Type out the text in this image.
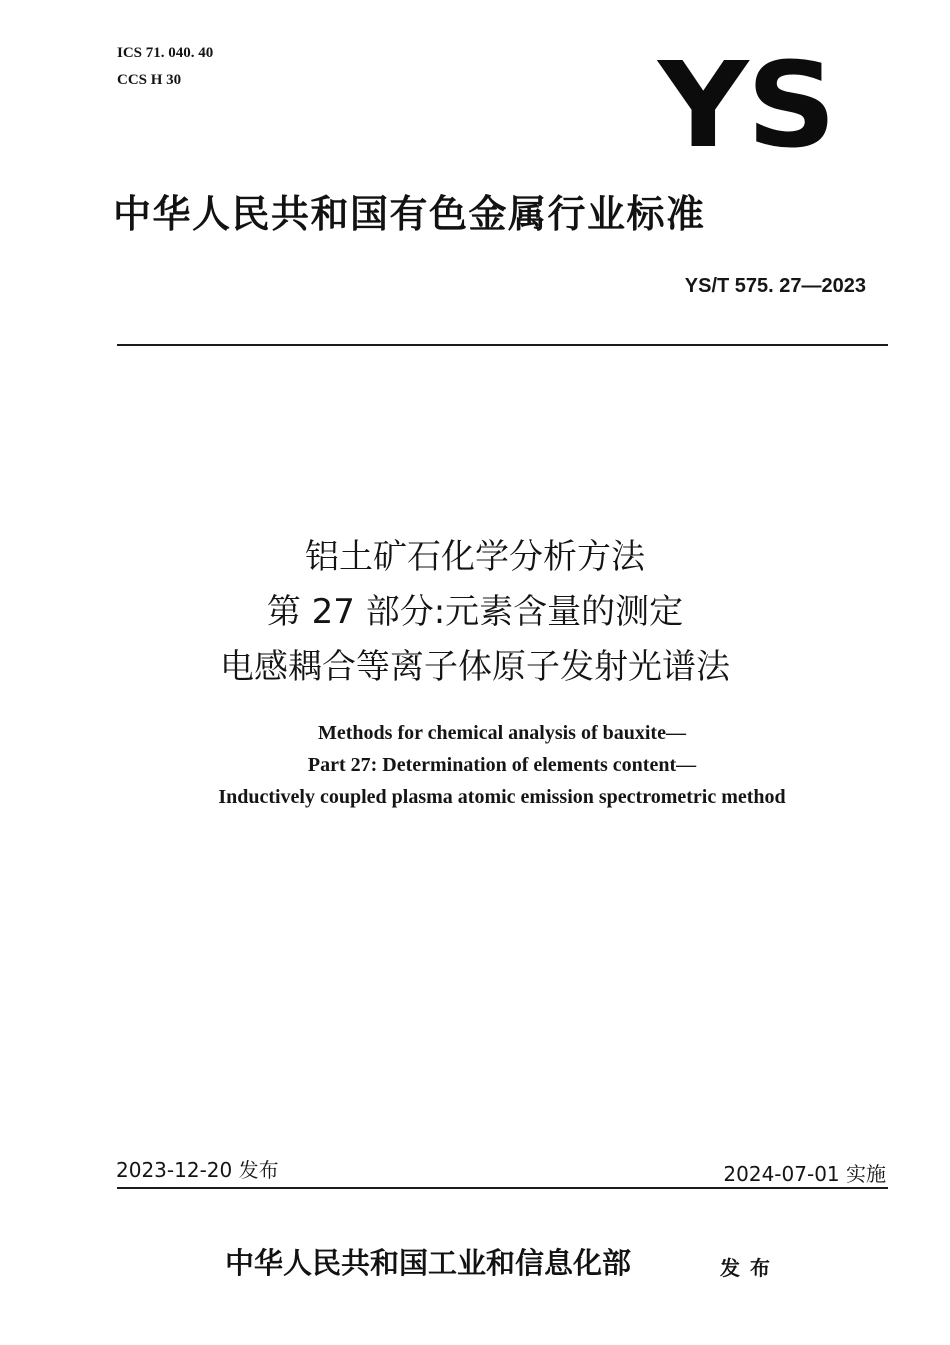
ICS 71. 040. 40
CCS H 30	YS
中华人民共和国有色金属行业标准
YS/T 575. 27—2023
铝土矿石化学分析方法
第 27 部分:元素含量的测定
电感耦合等离子体原子发射光谱法
Methods for chemical analysis of bauxite—
Part 27: Determination of elements content—
Inductively coupled plasma atomic emission spectrometric method
2023-12-20 发布	2024-07-01 实施
中华人民共和国工业和信息化部	发布
